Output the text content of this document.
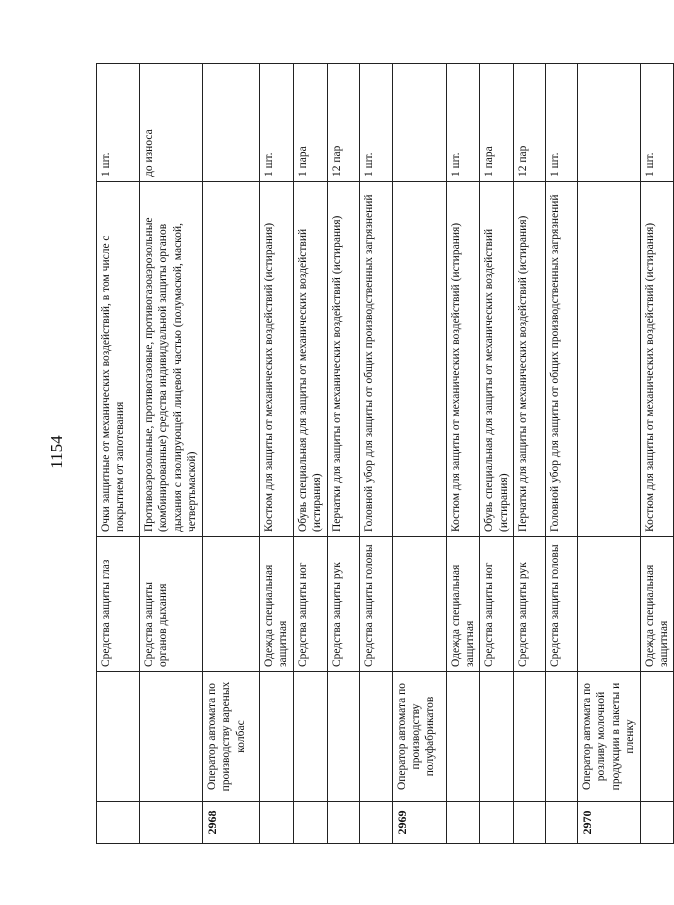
1154
		Средства защиты глаз	Очки защитные от механических воздействий, в том числе с покрытием от запотевания	1 шт.
		Средства защиты органов дыхания	Противоаэрозольные, противогазовые, противогазоаэрозольные (комбинированные) средства индивидуальной защиты органов дыхания с изолирующей лицевой частью (полумаской, маской, четвертьмаской)	до износа
2968	Оператор автомата по производству вареных колбас			
		Одежда специальная защитная	Костюм для защиты от механических воздействий (истирания)	1 шт.
		Средства защиты ног	Обувь специальная для защиты от механических воздействий (истирания)	1 пара
		Средства защиты рук	Перчатки для защиты от механических воздействий (истирания)	12 пар
		Средства защиты головы	Головной убор для защиты от общих производственных загрязнений	1 шт.
2969	Оператор автомата по производству полуфабрикатов			
		Одежда специальная защитная	Костюм для защиты от механических воздействий (истирания)	1 шт.
		Средства защиты ног	Обувь специальная для защиты от механических воздействий (истирания)	1 пара
		Средства защиты рук	Перчатки для защиты от механических воздействий (истирания)	12 пар
		Средства защиты головы	Головной убор для защиты от общих производственных загрязнений	1 шт.
2970	Оператор автомата по розливу молочной продукции в пакеты и пленку			
		Одежда специальная защитная	Костюм для защиты от механических воздействий (истирания)	1 шт.
